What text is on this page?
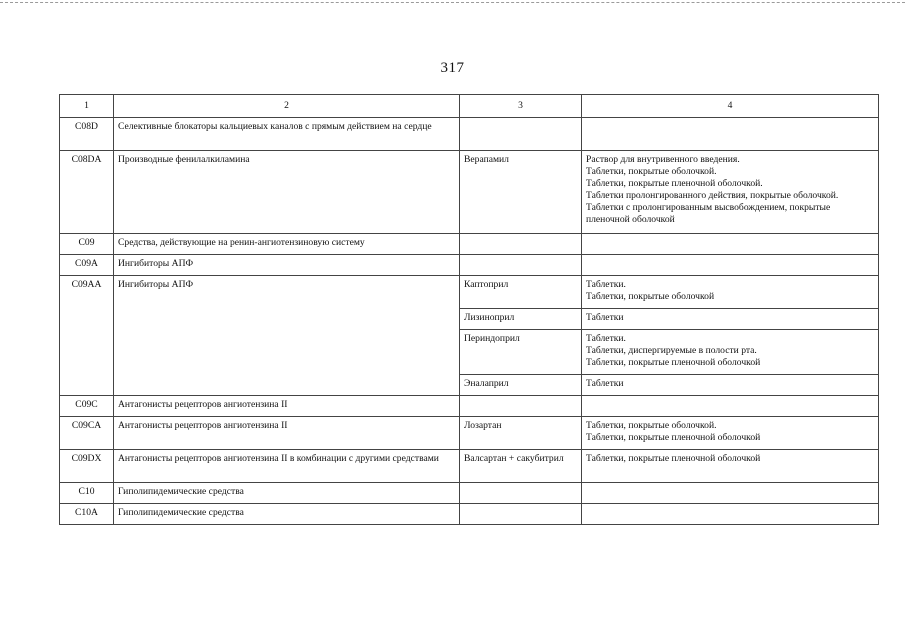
317
1	2	3	4
C08D	Селективные блокаторы кальциевых каналов с прямым действием на сердце		
C08DA	Производные фенилалкиламина	Верапамил	Раствор для внутривенного введения.
Таблетки, покрытые оболочкой.
Таблетки, покрытые пленочной оболочкой.
Таблетки пролонгированного действия, покрытые оболочкой.
Таблетки с пролонгированным высвобождением, покрытые пленочной оболочкой

C09	Средства, действующие на ренин-ангиотензиновую систему		
C09A	Ингибиторы АПФ		
C09AA	Ингибиторы АПФ	Каптоприл	Таблетки.
Таблетки, покрытые оболочкой

		Лизиноприл	Таблетки

		Периндоприл	Таблетки.
Таблетки, диспергируемые в полости рта.
Таблетки, покрытые пленочной оболочкой

		Эналаприл	Таблетки

C09C	Антагонисты рецепторов ангиотензина II		
C09CA	Антагонисты рецепторов ангиотензина II	Лозартан	Таблетки, покрытые оболочкой.
Таблетки, покрытые пленочной оболочкой

C09DX	Антагонисты рецепторов ангиотензина II в комбинации с другими средствами	Валсартан + сакубитрил	Таблетки, покрытые пленочной оболочкой

C10	Гиполипидемические средства		
C10A	Гиполипидемические средства		
